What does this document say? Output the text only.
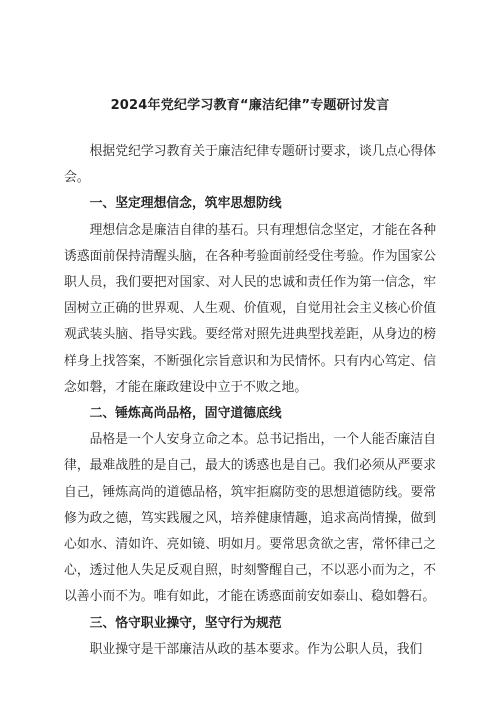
2024年党纪学习教育“廉洁纪律”专题研讨发言

根据党纪学习教育关于廉洁纪律专题研讨要求，谈几点心得体会。

一、坚定理想信念，筑牢思想防线

理想信念是廉洁自律的基石。只有理想信念坚定，才能在各种诱惑面前保持清醒头脑，在各种考验面前经受住考验。作为国家公职人员，我们要把对国家、对人民的忠诚和责任作为第一信念，牢固树立正确的世界观、人生观、价值观，自觉用社会主义核心价值观武装头脑、指导实践。要经常对照先进典型找差距，从身边的榜样身上找答案，不断强化宗旨意识和为民情怀。只有内心笃定、信念如磐，才能在廉政建设中立于不败之地。

二、锤炼高尚品格，固守道德底线

品格是一个人安身立命之本。总书记指出，一个人能否廉洁自律，最难战胜的是自己，最大的诱惑也是自己。我们必须从严要求自己，锤炼高尚的道德品格，筑牢拒腐防变的思想道德防线。要常修为政之德，笃实践履之风，培养健康情趣，追求高尚情操，做到心如水、清如许、亮如镜、明如月。要常思贪欲之害，常怀律己之心，透过他人失足反观自照，时刻警醒自己，不以恶小而为之，不以善小而不为。唯有如此，才能在诱惑面前安如泰山、稳如磐石。

三、恪守职业操守，坚守行为规范

职业操守是干部廉洁从政的基本要求。作为公职人员，我们
